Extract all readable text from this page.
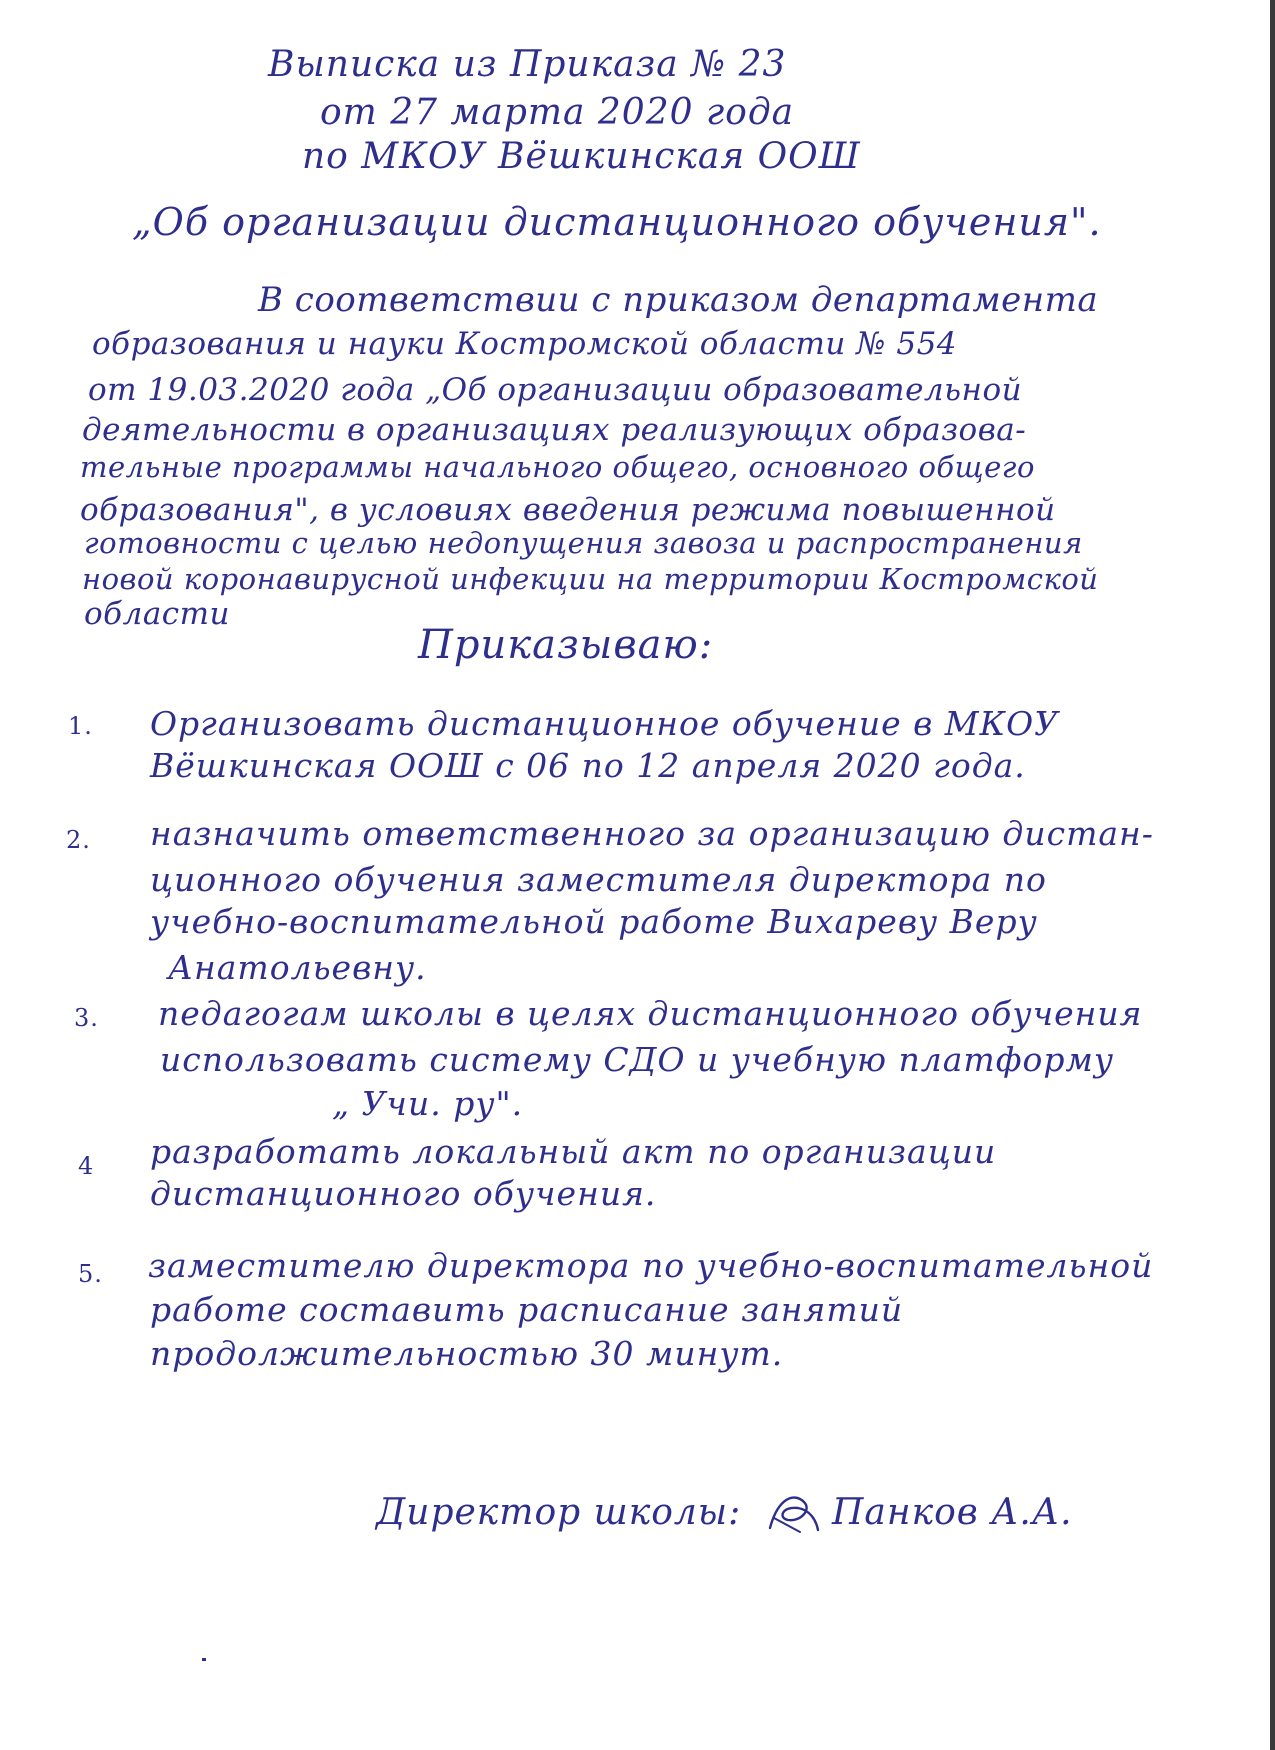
Выписка из Приказа № 23
от 27 марта 2020 года
по МКОУ Вёшкинская ООШ
„Об организации дистанционного обучения".
В соответствии с приказом департамента
образования и науки Костромской области № 554
от 19.03.2020 года „Об организации образовательной
деятельности в организациях реализующих образова-
тельные программы начального общего, основного общего
образования", в условиях введения режима повышенной
готовности с целью недопущения завоза и распространения
новой коронавирусной инфекции на территории Костромской
области
Приказываю:
1. Организовать дистанционное обучение в МКОУ
Вёшкинская ООШ с 06 по 12 апреля 2020 года.
2. назначить ответственного за организацию дистан-
ционного обучения заместителя директора по
учебно-воспитательной работе Вихареву Веру
Анатольевну.
3. педагогам школы в целях дистанционного обучения
использовать систему СДО и учебную платформу
„ Учи. ру".
4 разработать локальный акт по организации
дистанционного обучения.
5. заместителю директора по учебно-воспитательной
работе составить расписание занятий
продолжительностью 30 минут.
Директор школы:	Панков А.А.
